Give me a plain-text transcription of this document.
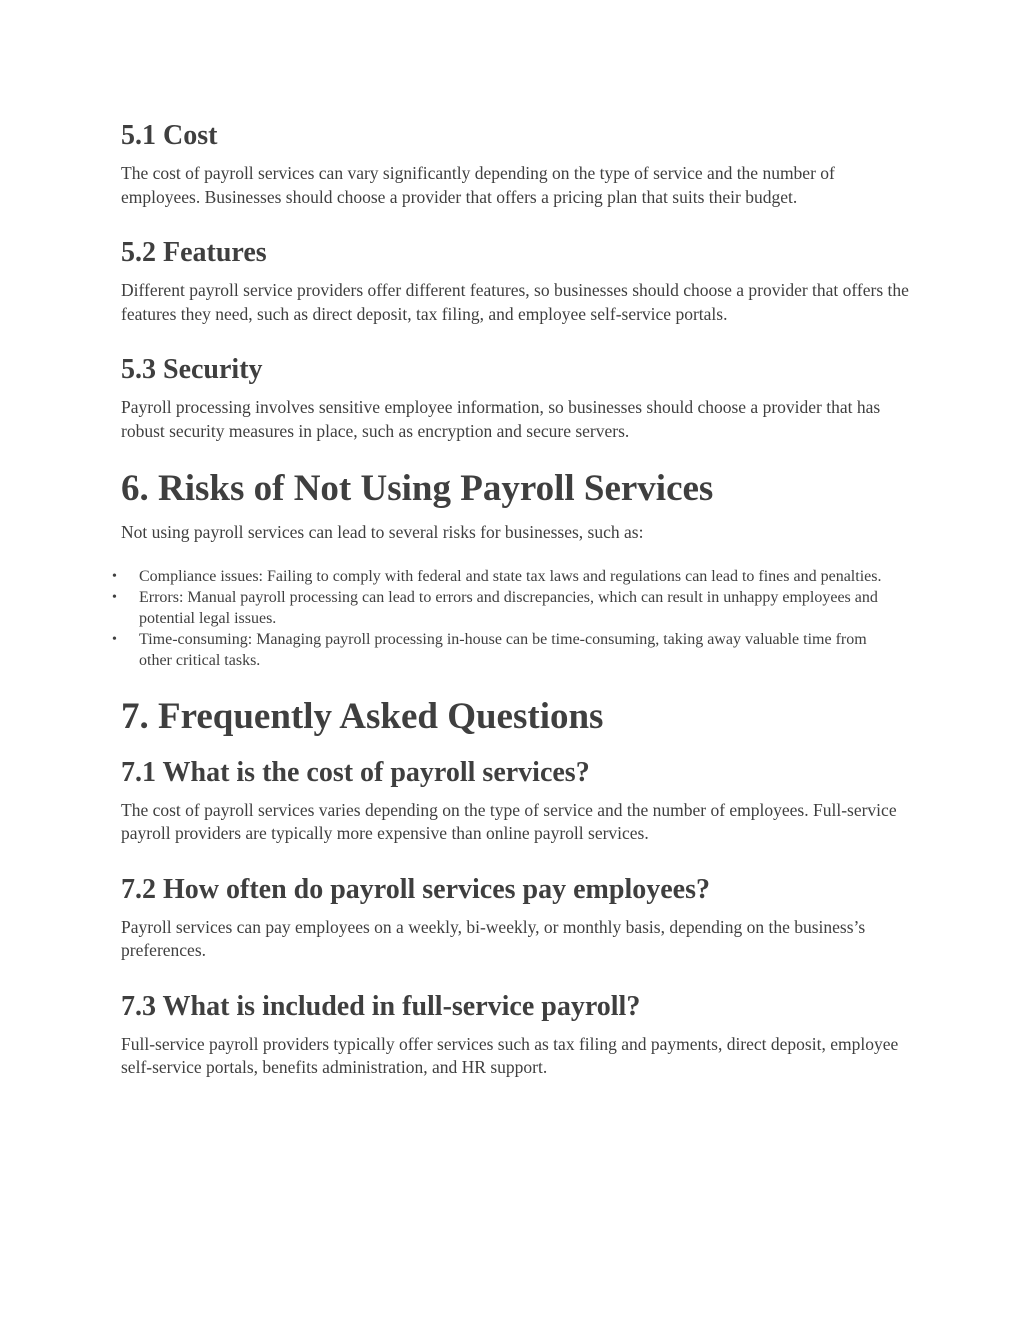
5.1 Cost

The cost of payroll services can vary significantly depending on the type of service and the number of employees. Businesses should choose a provider that offers a pricing plan that suits their budget.

5.2 Features

Different payroll service providers offer different features, so businesses should choose a provider that offers the features they need, such as direct deposit, tax filing, and employee self-service portals.

5.3 Security

Payroll processing involves sensitive employee information, so businesses should choose a provider that has robust security measures in place, such as encryption and secure servers.

6. Risks of Not Using Payroll Services

Not using payroll services can lead to several risks for businesses, such as:

• Compliance issues: Failing to comply with federal and state tax laws and regulations can lead to fines and penalties.
• Errors: Manual payroll processing can lead to errors and discrepancies, which can result in unhappy employees and potential legal issues.
• Time-consuming: Managing payroll processing in-house can be time-consuming, taking away valuable time from other critical tasks.
7. Frequently Asked Questions
7.1 What is the cost of payroll services?

The cost of payroll services varies depending on the type of service and the number of employees. Full-service payroll providers are typically more expensive than online payroll services.

7.2 How often do payroll services pay employees?

Payroll services can pay employees on a weekly, bi-weekly, or monthly basis, depending on the business’s preferences.

7.3 What is included in full-service payroll?

Full-service payroll providers typically offer services such as tax filing and payments, direct deposit, employee self-service portals, benefits administration, and HR support.
